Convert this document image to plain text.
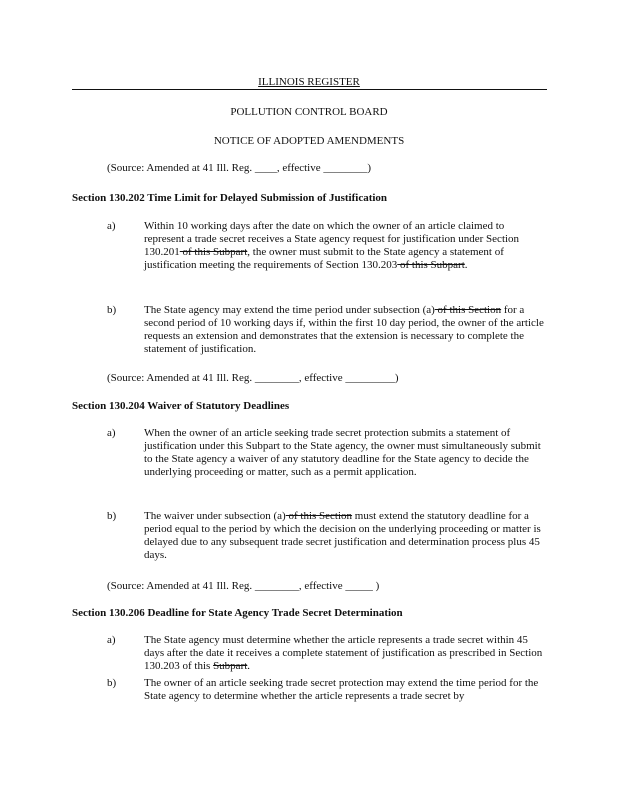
ILLINOIS REGISTER
POLLUTION CONTROL BOARD
NOTICE OF ADOPTED AMENDMENTS
(Source: Amended at 41 Ill. Reg. ____, effective ________)
Section 130.202 Time Limit for Delayed Submission of Justification
a)	Within 10 working days after the date on which the owner of an article claimed to represent a trade secret receives a State agency request for justification under Section 130.201 of this Subpart, the owner must submit to the State agency a statement of justification meeting the requirements of Section 130.203 of this Subpart.
b)	The State agency may extend the time period under subsection (a) of this Section for a second period of 10 working days if, within the first 10 day period, the owner of the article requests an extension and demonstrates that the extension is necessary to complete the statement of justification.
(Source: Amended at 41 Ill. Reg. ________, effective _________)
Section 130.204 Waiver of Statutory Deadlines
a)	When the owner of an article seeking trade secret protection submits a statement of justification under this Subpart to the State agency, the owner must simultaneously submit to the State agency a waiver of any statutory deadline for the State agency to decide the underlying proceeding or matter, such as a permit application.
b)	The waiver under subsection (a) of this Section must extend the statutory deadline for a period equal to the period by which the decision on the underlying proceeding or matter is delayed due to any subsequent trade secret justification and determination process plus 45 days.
(Source: Amended at 41 Ill. Reg. ________, effective _____ )
Section 130.206 Deadline for State Agency Trade Secret Determination
a)	The State agency must determine whether the article represents a trade secret within 45 days after the date it receives a complete statement of justification as prescribed in Section 130.203 of this Subpart.
b)	The owner of an article seeking trade secret protection may extend the time period for the State agency to determine whether the article represents a trade secret by
